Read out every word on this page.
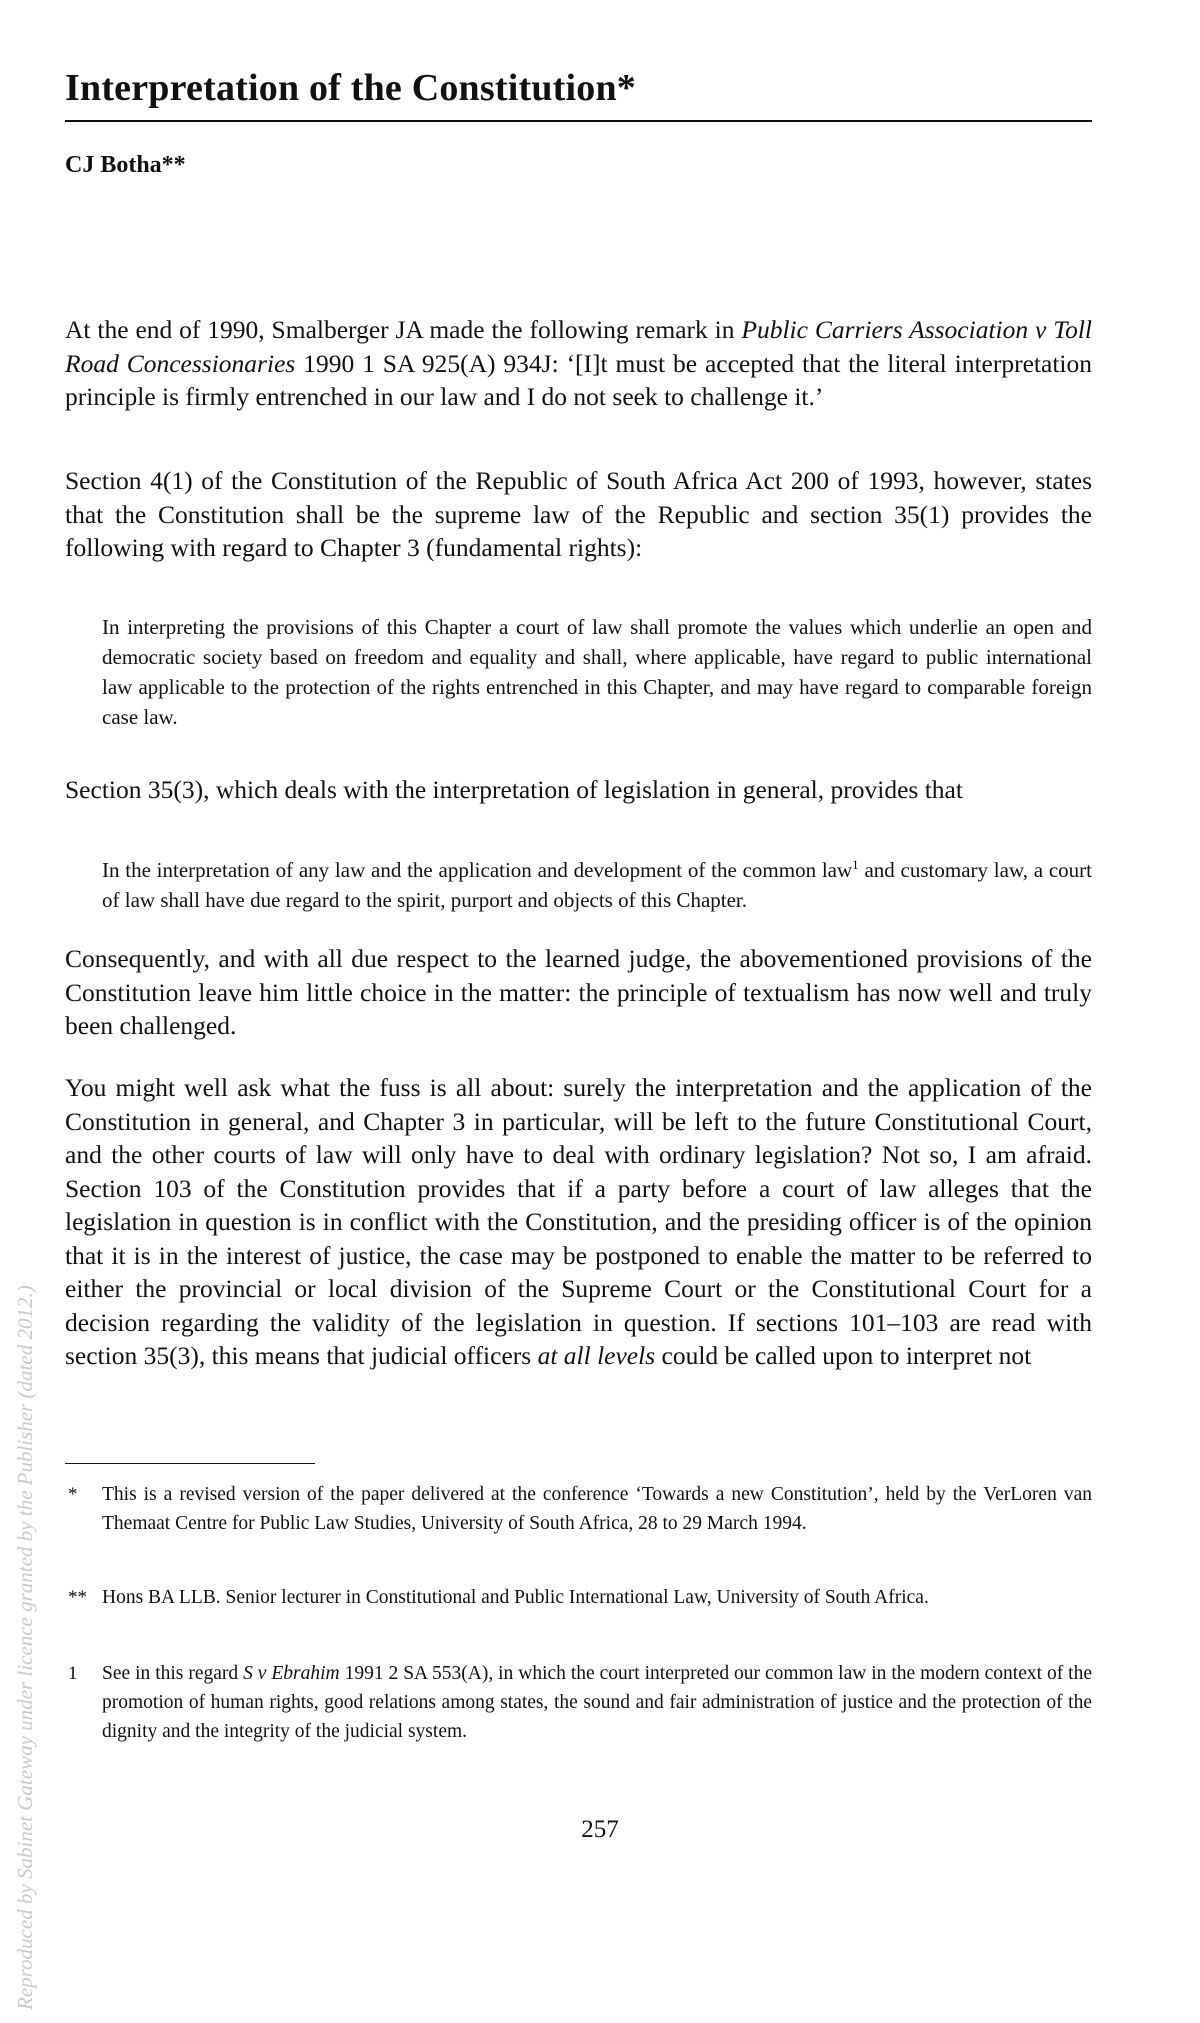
Interpretation of the Constitution*
CJ Botha**

At the end of 1990, Smalberger JA made the following remark in Public Carriers Association v Toll Road Concessionaries 1990 1 SA 925(A) 934J: ‘[I]t must be accepted that the literal interpretation principle is firmly entrenched in our law and I do not seek to challenge it.’

Section 4(1) of the Constitution of the Republic of South Africa Act 200 of 1993, however, states that the Constitution shall be the supreme law of the Republic and section 35(1) provides the following with regard to Chapter 3 (fundamental rights):

In interpreting the provisions of this Chapter a court of law shall promote the values which underlie an open and democratic society based on freedom and equality and shall, where applicable, have regard to public international law applicable to the protection of the rights entrenched in this Chapter, and may have regard to comparable foreign case law.

Section 35(3), which deals with the interpretation of legislation in general, provides that

In the interpretation of any law and the application and development of the common law$^1$ and customary law, a court of law shall have due regard to the spirit, purport and objects of this Chapter.

Consequently, and with all due respect to the learned judge, the abovementioned provisions of the Constitution leave him little choice in the matter: the principle of textualism has now well and truly been challenged.

You might well ask what the fuss is all about: surely the interpretation and the application of the Constitution in general, and Chapter 3 in particular, will be left to the future Constitutional Court, and the other courts of law will only have to deal with ordinary legislation? Not so, I am afraid. Section 103 of the Constitution provides that if a party before a court of law alleges that the legislation in question is in conflict with the Constitution, and the presiding officer is of the opinion that it is in the interest of justice, the case may be postponed to enable the matter to be referred to either the provincial or local division of the Supreme Court or the Constitutional Court for a decision regarding the validity of the legislation in question. If sections 101–103 are read with section 35(3), this means that judicial officers at all levels could be called upon to interpret not

* This is a revised version of the paper delivered at the conference ‘Towards a new Constitution’, held by the VerLoren van Themaat Centre for Public Law Studies, University of South Africa, 28 to 29 March 1994.
** Hons BA LLB. Senior lecturer in Constitutional and Public International Law, University of South Africa.
1 See in this regard S v Ebrahim 1991 2 SA 553(A), in which the court interpreted our common law in the modern context of the promotion of human rights, good relations among states, the sound and fair administration of justice and the protection of the dignity and the integrity of the judicial system.
257
Reproduced by Sabinet Gateway under licence granted by the Publisher (dated 2012.)
